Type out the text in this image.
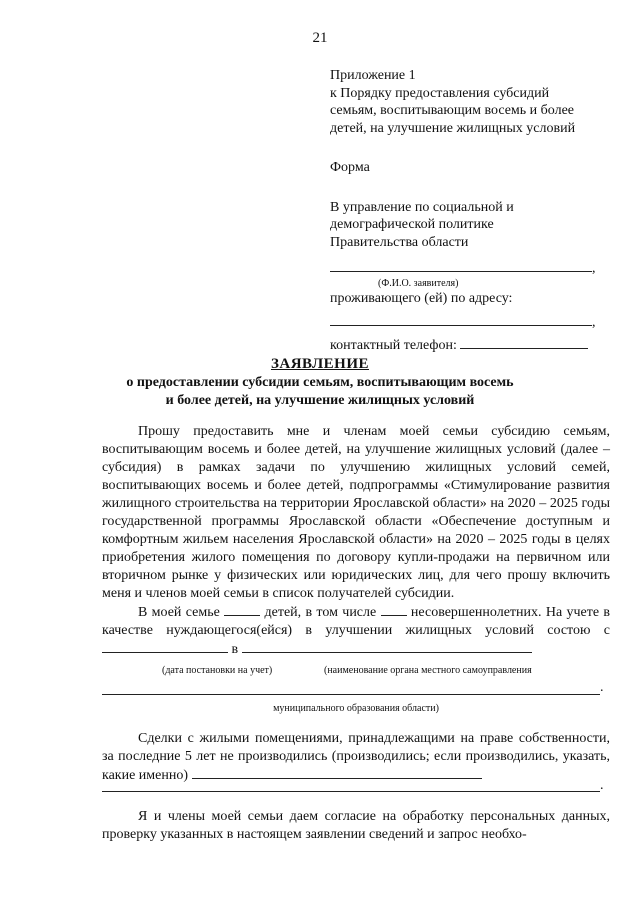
21

Приложение 1

к Порядку предоставления субсидий

семьям, воспитывающим восемь и более

детей, на улучшение жилищных условий

Форма

В управление по социальной и

демографической политике

Правительства области

,

(Ф.И.О. заявителя)

проживающего (ей) по адресу:

,

контактный телефон:

ЗАЯВЛЕНИЕ
о предоставлении субсидии семьям, воспитывающим восемь
и более детей, на улучшение жилищных условий

Прошу предоставить мне и членам моей семьи субсидию семьям, воспитывающим восемь и более детей, на улучшение жилищных условий (далее – субсидия) в рамках задачи по улучшению жилищных условий семей, воспитывающих восемь и более детей, подпрограммы «Стимулирование развития жилищного строительства на территории Ярославской области» на 2020 – 2025 годы государственной программы Ярославской области «Обеспечение доступным и комфортным жильем населения Ярославской области» на 2020 – 2025 годы в целях приобретения жилого помещения по договору купли-продажи на первичном или вторичном рынке у физических или юридических лиц, для чего прошу включить меня и членов моей семьи в список получателей субсидии.

В моей семье	детей, в том числе несовершеннолетних. На учете в качестве нуждающегося(ейся) в улучшении жилищных условий состою с  в

(дата постановки на учет)	(наименование органа местного самоуправления
.
муниципального образования области)

Сделки с жилыми помещениями, принадлежащими на праве собственности, за последние 5 лет не производились (производились; если производились, указать, какие именно)

.

Я и члены моей семьи даем согласие на обработку персональных данных, проверку указанных в настоящем заявлении сведений и запрос необхо-
